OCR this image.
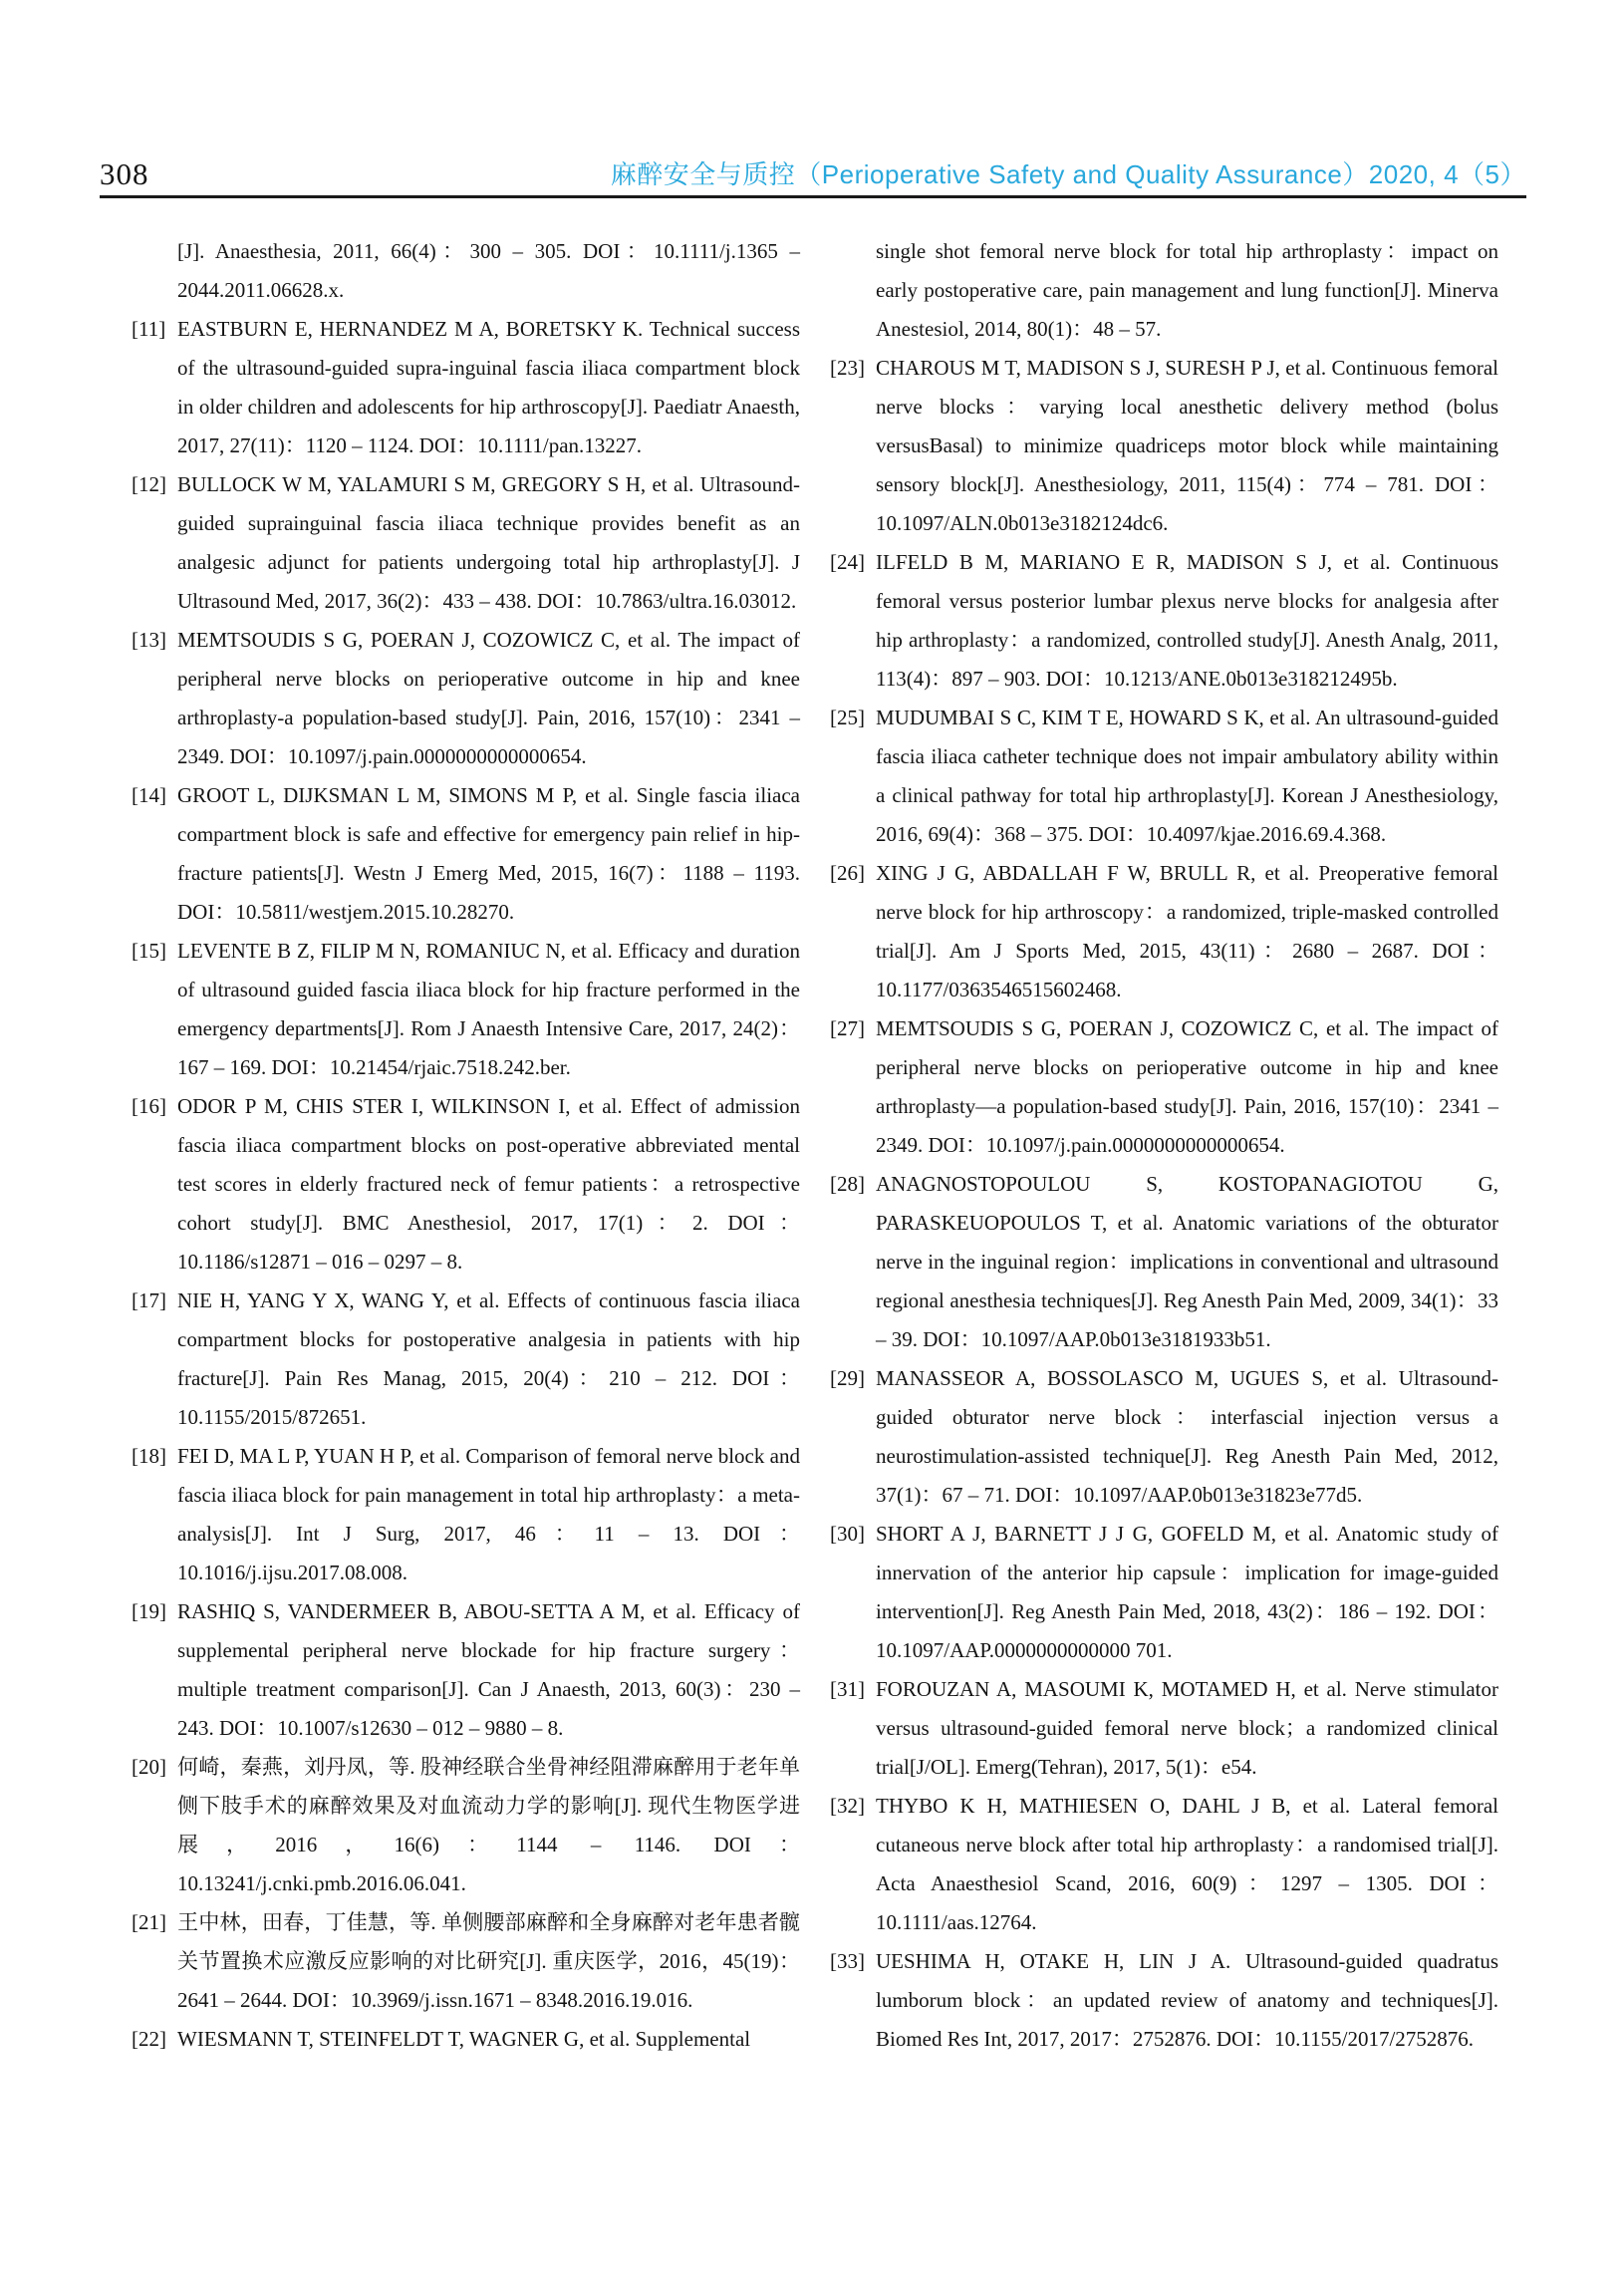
308	麻醉安全与质控（Perioperative Safety and Quality Assurance）2020, 4（5）

[J]. Anaesthesia, 2011, 66(4)：300 – 305. DOI：10.1111/j.1365 – 2044.2011.06628.x.

[11] EASTBURN E, HERNANDEZ M A, BORETSKY K. Technical success of the ultrasound-guided supra-inguinal fascia iliaca compartment block in older children and adolescents for hip arthroscopy[J]. Paediatr Anaesth, 2017, 27(11)：1120 – 1124. DOI：10.1111/pan.13227.

[12] BULLOCK W M, YALAMURI S M, GREGORY S H, et al. Ultrasound-guided suprainguinal fascia iliaca technique provides benefit as an analgesic adjunct for patients undergoing total hip arthroplasty[J]. J Ultrasound Med, 2017, 36(2)：433 – 438. DOI：10.7863/ultra.16.03012.

[13] MEMTSOUDIS S G, POERAN J, COZOWICZ C, et al. The impact of peripheral nerve blocks on perioperative outcome in hip and knee arthroplasty-a population-based study[J]. Pain, 2016, 157(10)：2341 – 2349. DOI：10.1097/j.pain.0000000000000654.

[14] GROOT L, DIJKSMAN L M, SIMONS M P, et al. Single fascia iliaca compartment block is safe and effective for emergency pain relief in hip-fracture patients[J]. Westn J Emerg Med, 2015, 16(7)：1188 – 1193. DOI：10.5811/westjem.2015.10.28270.

[15] LEVENTE B Z, FILIP M N, ROMANIUC N, et al. Efficacy and duration of ultrasound guided fascia iliaca block for hip fracture performed in the emergency departments[J]. Rom J Anaesth Intensive Care, 2017, 24(2)：167 – 169. DOI：10.21454/rjaic.7518.242.ber.

[16] ODOR P M, CHIS STER I, WILKINSON I, et al. Effect of admission fascia iliaca compartment blocks on post-operative abbreviated mental test scores in elderly fractured neck of femur patients：a retrospective cohort study[J]. BMC Anesthesiol, 2017, 17(1)：2. DOI：10.1186/s12871 – 016 – 0297 – 8.

[17] NIE H, YANG Y X, WANG Y, et al. Effects of continuous fascia iliaca compartment blocks for postoperative analgesia in patients with hip fracture[J]. Pain Res Manag, 2015, 20(4)：210 – 212. DOI：10.1155/2015/872651.

[18] FEI D, MA L P, YUAN H P, et al. Comparison of femoral nerve block and fascia iliaca block for pain management in total hip arthroplasty：a meta-analysis[J]. Int J Surg, 2017, 46：11 – 13. DOI：10.1016/j.ijsu.2017.08.008.

[19] RASHIQ S, VANDERMEER B, ABOU-SETTA A M, et al. Efficacy of supplemental peripheral nerve blockade for hip fracture surgery：multiple treatment comparison[J]. Can J Anaesth, 2013, 60(3)：230 – 243. DOI：10.1007/s12630 – 012 – 9880 – 8.

[20] 何崎，秦燕，刘丹凤，等. 股神经联合坐骨神经阻滞麻醉用于老年单侧下肢手术的麻醉效果及对血流动力学的影响[J]. 现代生物医学进展，2016，16(6)：1144 – 1146. DOI：10.13241/j.cnki.pmb.2016.06.041.

[21] 王中林，田春，丁佳慧，等. 单侧腰部麻醉和全身麻醉对老年患者髋关节置换术应激反应影响的对比研究[J]. 重庆医学，2016，45(19)：2641 – 2644. DOI：10.3969/j.issn.1671 – 8348.2016.19.016.

[22] WIESMANN T, STEINFELDT T, WAGNER G, et al. Supplemental

single shot femoral nerve block for total hip arthroplasty：impact on early postoperative care, pain management and lung function[J]. Minerva Anestesiol, 2014, 80(1)：48 – 57.

[23] CHAROUS M T, MADISON S J, SURESH P J, et al. Continuous femoral nerve blocks：varying local anesthetic delivery method (bolus versusBasal) to minimize quadriceps motor block while maintaining sensory block[J]. Anesthesiology, 2011, 115(4)：774 – 781. DOI：10.1097/ALN.0b013e3182124dc6.

[24] ILFELD B M, MARIANO E R, MADISON S J, et al. Continuous femoral versus posterior lumbar plexus nerve blocks for analgesia after hip arthroplasty：a randomized, controlled study[J]. Anesth Analg, 2011, 113(4)：897 – 903. DOI：10.1213/ANE.0b013e318212495b.

[25] MUDUMBAI S C, KIM T E, HOWARD S K, et al. An ultrasound-guided fascia iliaca catheter technique does not impair ambulatory ability within a clinical pathway for total hip arthroplasty[J]. Korean J Anesthesiology, 2016, 69(4)：368 – 375. DOI：10.4097/kjae.2016.69.4.368.

[26] XING J G, ABDALLAH F W, BRULL R, et al. Preoperative femoral nerve block for hip arthroscopy：a randomized, triple-masked controlled trial[J]. Am J Sports Med, 2015, 43(11)：2680 – 2687. DOI：10.1177/0363546515602468.

[27] MEMTSOUDIS S G, POERAN J, COZOWICZ C, et al. The impact of peripheral nerve blocks on perioperative outcome in hip and knee arthroplasty—a population-based study[J]. Pain, 2016, 157(10)：2341 – 2349. DOI：10.1097/j.pain.0000000000000654.

[28] ANAGNOSTOPOULOU S, KOSTOPANAGIOTOU G, PARASKEUOPOULOS T, et al. Anatomic variations of the obturator nerve in the inguinal region：implications in conventional and ultrasound regional anesthesia techniques[J]. Reg Anesth Pain Med, 2009, 34(1)：33 – 39. DOI：10.1097/AAP.0b013e3181933b51.

[29] MANASSEOR A, BOSSOLASCO M, UGUES S, et al. Ultrasound-guided obturator nerve block：interfascial injection versus a neurostimulation-assisted technique[J]. Reg Anesth Pain Med, 2012, 37(1)：67 – 71. DOI：10.1097/AAP.0b013e31823e77d5.

[30] SHORT A J, BARNETT J J G, GOFELD M, et al. Anatomic study of innervation of the anterior hip capsule：implication for image-guided intervention[J]. Reg Anesth Pain Med, 2018, 43(2)：186 – 192. DOI：10.1097/AAP.0000000000000 701.

[31] FOROUZAN A, MASOUMI K, MOTAMED H, et al. Nerve stimulator versus ultrasound-guided femoral nerve block；a randomized clinical trial[J/OL]. Emerg(Tehran), 2017, 5(1)：e54.

[32] THYBO K H, MATHIESEN O, DAHL J B, et al. Lateral femoral cutaneous nerve block after total hip arthroplasty：a randomised trial[J]. Acta Anaesthesiol Scand, 2016, 60(9)：1297 – 1305. DOI：10.1111/aas.12764.

[33] UESHIMA H, OTAKE H, LIN J A. Ultrasound-guided quadratus lumborum block：an updated review of anatomy and techniques[J]. Biomed Res Int, 2017, 2017：2752876. DOI：10.1155/2017/2752876.
